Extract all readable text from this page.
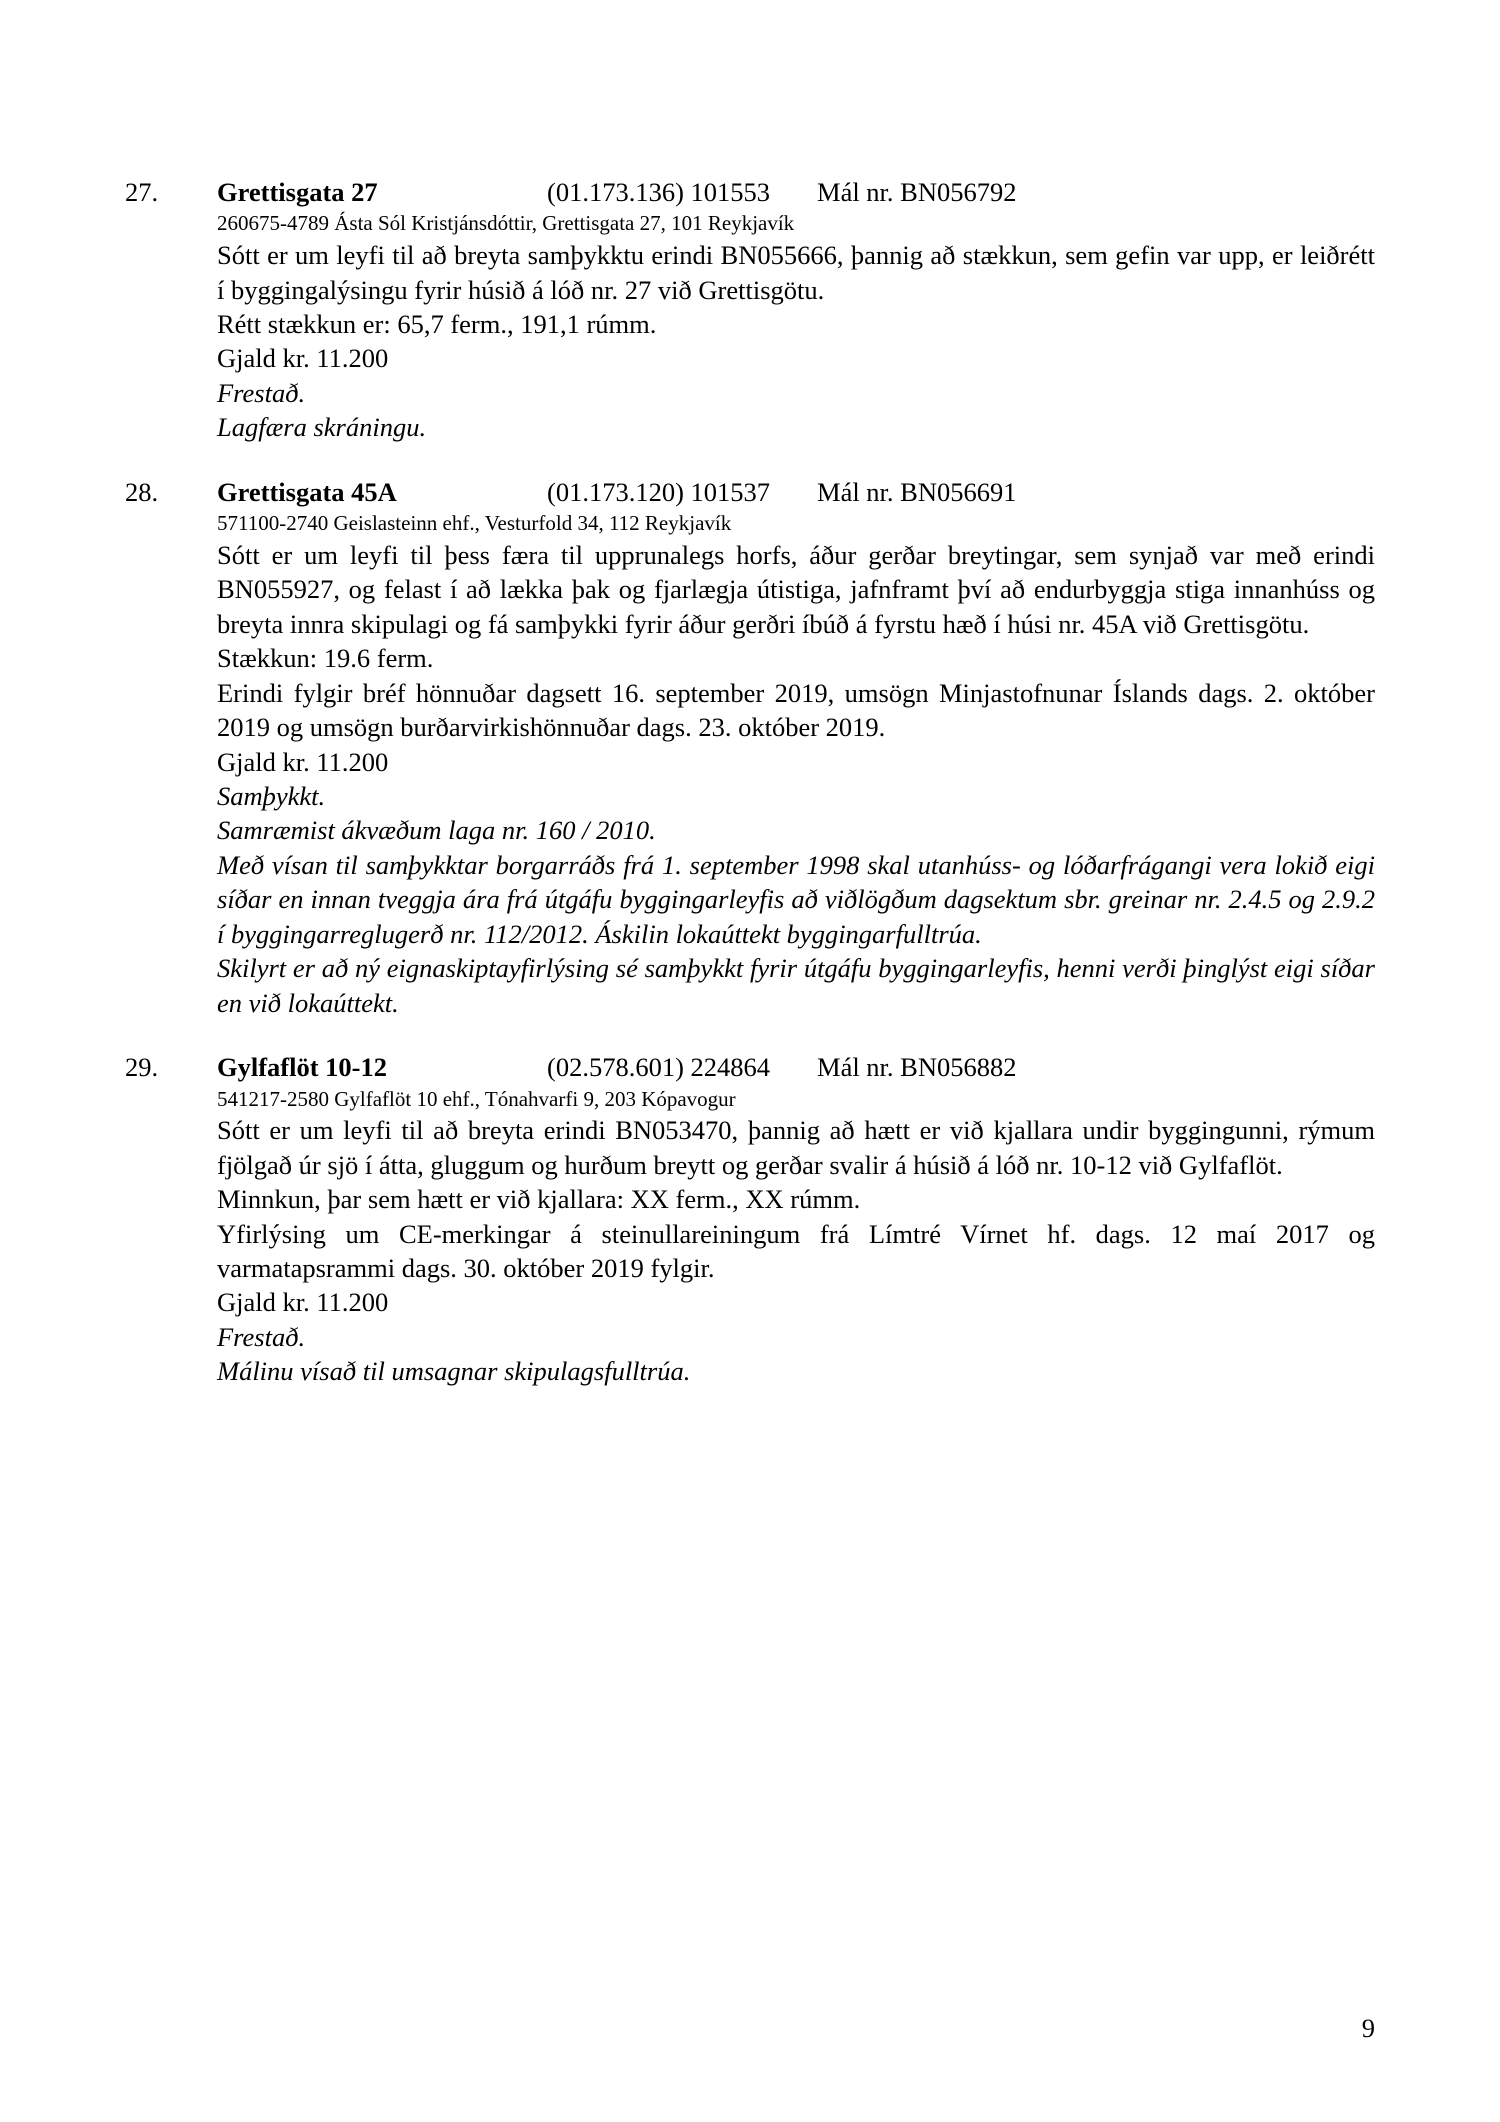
27.	Grettisgata 27	(01.173.136) 101553	Mál nr. BN056792
260675-4789 Ásta Sól Kristjánsdóttir, Grettisgata 27, 101 Reykjavík
Sótt er um leyfi til að breyta samþykktu erindi BN055666, þannig að stækkun, sem gefin var upp, er leiðrétt í byggingalýsingu fyrir húsið á lóð nr. 27 við Grettisgötu.
Rétt stækkun er: 65,7 ferm., 191,1 rúmm.
Gjald kr. 11.200
Frestað.
Lagfæra skráningu.
28.	Grettisgata 45A	(01.173.120) 101537	Mál nr. BN056691
571100-2740 Geislasteinn ehf., Vesturfold 34, 112 Reykjavík
Sótt er um leyfi til þess færa til upprunalegs horfs, áður gerðar breytingar, sem synjað var með erindi BN055927, og felast í að lækka þak og fjarlægja útistiga, jafnframt því að endurbyggja stiga innanhúss og breyta innra skipulagi og fá samþykki fyrir áður gerðri íbúð á fyrstu hæð í húsi nr. 45A við Grettisgötu.
Stækkun: 19.6 ferm.
Erindi fylgir bréf hönnuðar dagsett 16. september 2019, umsögn Minjastofnunar Íslands dags. 2. október 2019 og umsögn burðarvirkishönnuðar dags. 23. október 2019.
Gjald kr. 11.200
Samþykkt.
Samræmist ákvæðum laga nr. 160 / 2010.
Með vísan til samþykktar borgarráðs frá 1. september 1998 skal utanhúss- og lóðarfrágangi vera lokið eigi síðar en innan tveggja ára frá útgáfu byggingarleyfis að viðlögðum dagsektum sbr. greinar nr. 2.4.5 og 2.9.2 í byggingarreglugerð nr. 112/2012. Áskilin lokaúttekt byggingarfulltrúa.
Skilyrt er að ný eignaskiptayfirlýsing sé samþykkt fyrir útgáfu byggingarleyfis, henni verði þinglýst eigi síðar en við lokaúttekt.
29.	Gylfaflöt 10-12	(02.578.601) 224864	Mál nr. BN056882
541217-2580 Gylfaflöt 10 ehf., Tónahvarfi 9, 203 Kópavogur
Sótt er um leyfi til að breyta erindi BN053470, þannig að hætt er við kjallara undir byggingunni, rýmum fjölgað úr sjö í átta, gluggum og hurðum breytt og gerðar svalir á húsið á lóð nr. 10-12 við Gylfaflöt.
Minnkun, þar sem hætt er við kjallara: XX ferm., XX rúmm.
Yfirlýsing um CE-merkingar á steinullareiningum frá Límtré Vírnet hf. dags. 12 maí 2017 og varmatapsrammi dags. 30. október 2019 fylgir.
Gjald kr. 11.200
Frestað.
Málinu vísað til umsagnar skipulagsfulltrúa.
9
